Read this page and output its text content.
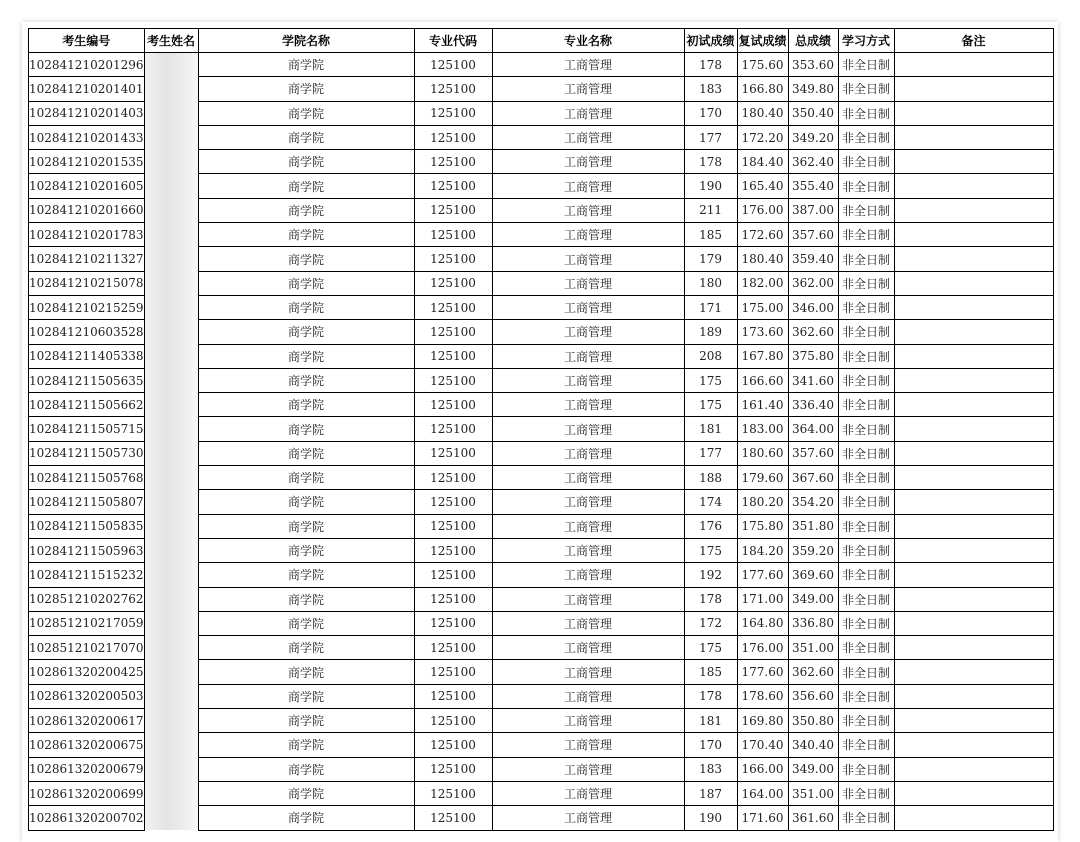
考生编号	考生姓名	学院名称	专业代码	专业名称	初试成绩	复试成绩	总成绩	学习方式	备注
102841210201296		商学院	125100	工商管理	178	175.60	353.60	非全日制	
102841210201401		商学院	125100	工商管理	183	166.80	349.80	非全日制	
102841210201403		商学院	125100	工商管理	170	180.40	350.40	非全日制	
102841210201433		商学院	125100	工商管理	177	172.20	349.20	非全日制	
102841210201535		商学院	125100	工商管理	178	184.40	362.40	非全日制	
102841210201605		商学院	125100	工商管理	190	165.40	355.40	非全日制	
102841210201660		商学院	125100	工商管理	211	176.00	387.00	非全日制	
102841210201783		商学院	125100	工商管理	185	172.60	357.60	非全日制	
102841210211327		商学院	125100	工商管理	179	180.40	359.40	非全日制	
102841210215078		商学院	125100	工商管理	180	182.00	362.00	非全日制	
102841210215259		商学院	125100	工商管理	171	175.00	346.00	非全日制	
102841210603528		商学院	125100	工商管理	189	173.60	362.60	非全日制	
102841211405338		商学院	125100	工商管理	208	167.80	375.80	非全日制	
102841211505635		商学院	125100	工商管理	175	166.60	341.60	非全日制	
102841211505662		商学院	125100	工商管理	175	161.40	336.40	非全日制	
102841211505715		商学院	125100	工商管理	181	183.00	364.00	非全日制	
102841211505730		商学院	125100	工商管理	177	180.60	357.60	非全日制	
102841211505768		商学院	125100	工商管理	188	179.60	367.60	非全日制	
102841211505807		商学院	125100	工商管理	174	180.20	354.20	非全日制	
102841211505835		商学院	125100	工商管理	176	175.80	351.80	非全日制	
102841211505963		商学院	125100	工商管理	175	184.20	359.20	非全日制	
102841211515232		商学院	125100	工商管理	192	177.60	369.60	非全日制	
102851210202762		商学院	125100	工商管理	178	171.00	349.00	非全日制	
102851210217059		商学院	125100	工商管理	172	164.80	336.80	非全日制	
102851210217070		商学院	125100	工商管理	175	176.00	351.00	非全日制	
102861320200425		商学院	125100	工商管理	185	177.60	362.60	非全日制	
102861320200503		商学院	125100	工商管理	178	178.60	356.60	非全日制	
102861320200617		商学院	125100	工商管理	181	169.80	350.80	非全日制	
102861320200675		商学院	125100	工商管理	170	170.40	340.40	非全日制	
102861320200679		商学院	125100	工商管理	183	166.00	349.00	非全日制	
102861320200699		商学院	125100	工商管理	187	164.00	351.00	非全日制	
102861320200702		商学院	125100	工商管理	190	171.60	361.60	非全日制	
